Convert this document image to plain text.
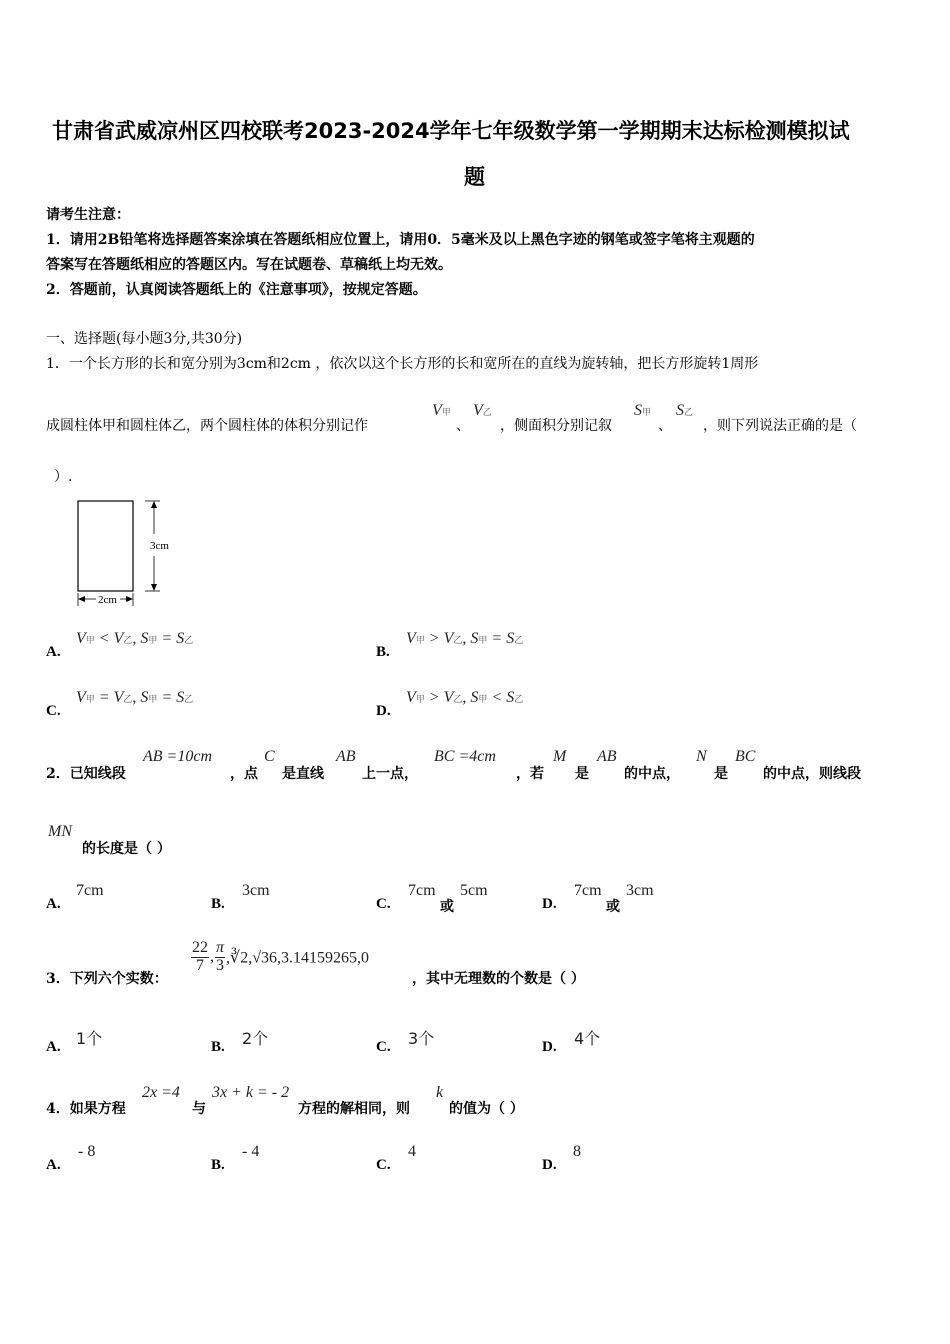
甘肃省武威凉州区四校联考2023-2024学年七年级数学第一学期期末达标检测模拟试
题
请考生注意：
1．请用2B铅笔将选择题答案涂填在答题纸相应位置上，请用0．5毫米及以上黑色字迹的钢笔或签字笔将主观题的
答案写在答题纸相应的答题区内。写在试题卷、草稿纸上均无效。
2．答题前，认真阅读答题纸上的《注意事项》，按规定答题。
一、选择题(每小题3分,共30分)
1．一个长方形的长和宽分别为3cm和2cm ，依次以这个长方形的长和宽所在的直线为旋转轴，把长方形旋转1周形
成圆柱体甲和圆柱体乙，两个圆柱体的体积分别记作
V甲
、
V乙
，侧面积分别记叙
S甲
、
S乙
，则下列说法正确的是（
）.
3cm
2cm
A.
V甲 < V乙, S甲 = S乙
B.
V甲 > V乙, S甲 = S乙
C.
V甲 = V乙, S甲 = S乙
D.
V甲 > V乙, S甲 < S乙
2．已知线段
AB =10cm
，点
C
是直线
AB
上一点，
BC =4cm
，若
M
是
AB
的中点，
N
是
BC
的中点，则线段
MN
的长度是（ ）
A.
7cm
B.
3cm
C.
7cm
或
5cm
D.
7cm
或
3cm
3．下列六个实数：
$\frac{22}{7}$ , $\frac{\pi}{3}$ ,∛2,√36,3.14159265,0
，其中无理数的个数是（ ）
A. 1个	B. 2个	C. 3个	D. 4个
4．如果方程
2x =4
与
3x + k = - 2
方程的解相同，则
k
的值为（ ）
A.
- 8
B.
- 4
C.
4
D.
8
